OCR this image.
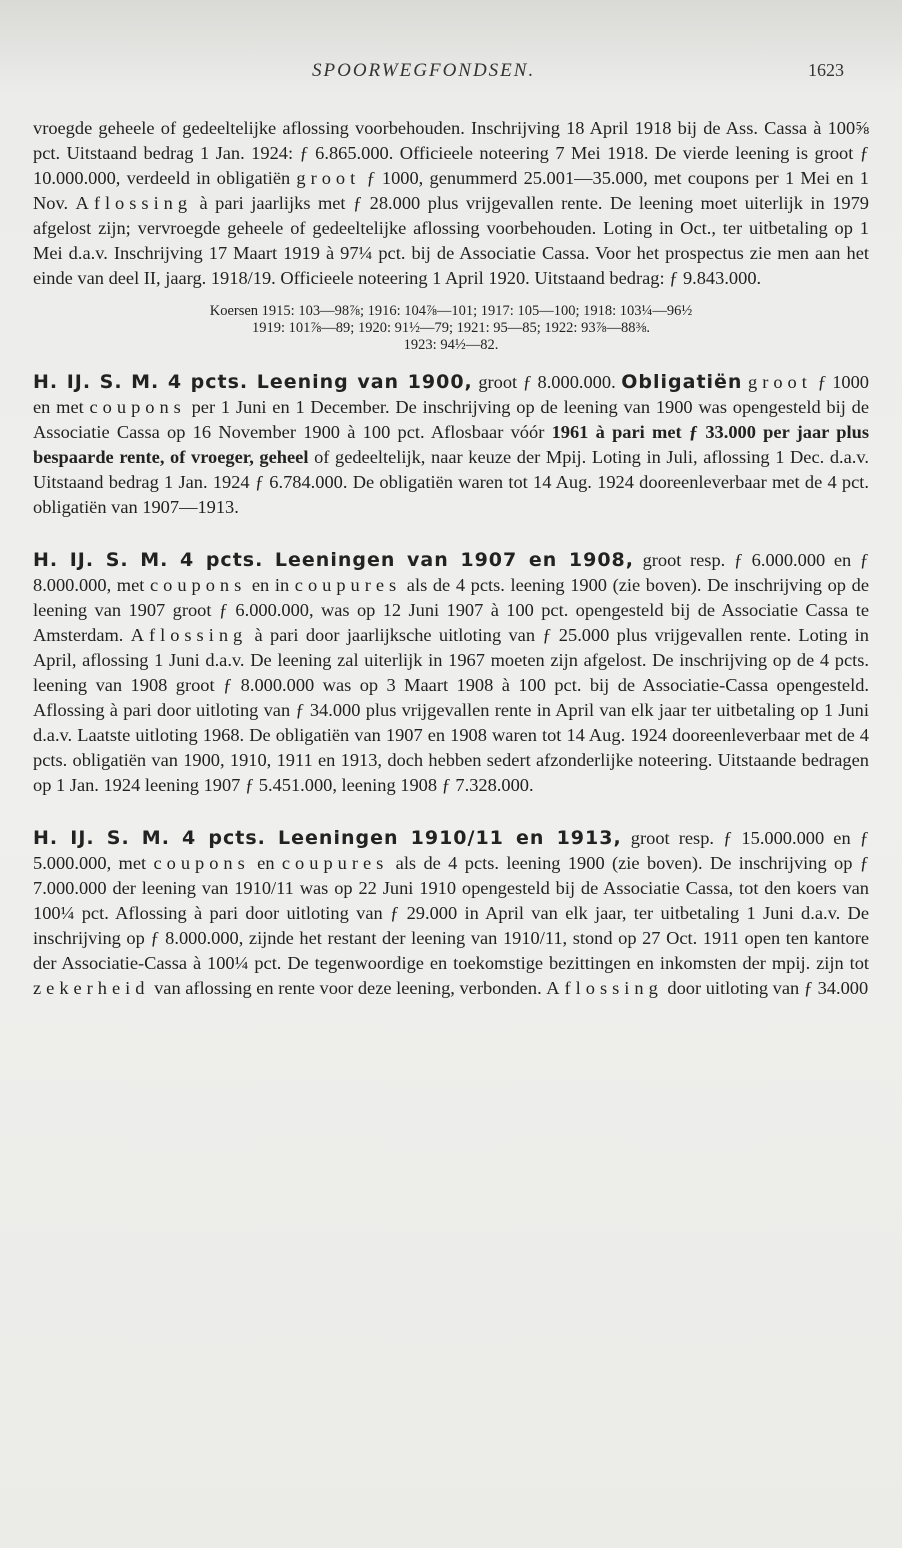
SPOORWEGFONDSEN.	1623

vroegde geheele of gedeeltelijke aflossing voorbehouden. Inschrijving 18 April 1918 bij de Ass. Cassa à 100⅝ pct. Uitstaand bedrag 1 Jan. 1924: ƒ 6.865.000. Officieele noteering 7 Mei 1918. De vierde leening is groot ƒ 10.000.000, verdeeld in obligatiën groot ƒ 1000, genummerd 25.001—35.000, met coupons per 1 Mei en 1 Nov. Aflossing à pari jaarlijks met ƒ 28.000 plus vrijgevallen rente. De leening moet uiterlijk in 1979 afgelost zijn; vervroegde geheele of gedeeltelijke aflossing voorbehouden. Loting in Oct., ter uitbetaling op 1 Mei d.a.v. Inschrijving 17 Maart 1919 à 97¼ pct. bij de Associatie Cassa. Voor het prospectus zie men aan het einde van deel II, jaarg. 1918/19. Officieele noteering 1 April 1920. Uitstaand bedrag: ƒ 9.843.000.

Koersen 1915: 103—98⅞; 1916: 104⅞—101; 1917: 105—100; 1918: 103¼—96½
1919: 101⅞—89; 1920: 91½—79; 1921: 95—85; 1922: 93⅞—88⅜.
1923: 94½—82.

H. IJ. S. M. 4 pcts. Leening van 1900, groot ƒ 8.000.000. Obligatiën groot ƒ 1000 en met coupons per 1 Juni en 1 December. De inschrijving op de leening van 1900 was opengesteld bij de Associatie Cassa op 16 November 1900 à 100 pct. Aflosbaar vóór 1961 à pari met ƒ 33.000 per jaar plus bespaarde rente, of vroeger, geheel of gedeeltelijk, naar keuze der Mpij. Loting in Juli, aflossing 1 Dec. d.a.v. Uitstaand bedrag 1 Jan. 1924 ƒ 6.784.000. De obligatiën waren tot 14 Aug. 1924 dooreenleverbaar met de 4 pct. obligatiën van 1907—1913.

H. IJ. S. M. 4 pcts. Leeningen van 1907 en 1908, groot resp. ƒ 6.000.000 en ƒ 8.000.000, met coupons en in coupures als de 4 pcts. leening 1900 (zie boven). De inschrijving op de leening van 1907 groot ƒ 6.000.000, was op 12 Juni 1907 à 100 pct. opengesteld bij de Associatie Cassa te Amsterdam. Aflossing à pari door jaarlijksche uitloting van ƒ 25.000 plus vrijgevallen rente. Loting in April, aflossing 1 Juni d.a.v. De leening zal uiterlijk in 1967 moeten zijn afgelost. De inschrijving op de 4 pcts. leening van 1908 groot ƒ 8.000.000 was op 3 Maart 1908 à 100 pct. bij de Associatie-Cassa opengesteld. Aflossing à pari door uitloting van ƒ 34.000 plus vrijgevallen rente in April van elk jaar ter uitbetaling op 1 Juni d.a.v. Laatste uitloting 1968. De obligatiën van 1907 en 1908 waren tot 14 Aug. 1924 dooreenleverbaar met de 4 pcts. obligatiën van 1900, 1910, 1911 en 1913, doch hebben sedert afzonderlijke noteering. Uitstaande bedragen op 1 Jan. 1924 leening 1907 ƒ 5.451.000, leening 1908 ƒ 7.328.000.

H. IJ. S. M. 4 pcts. Leeningen 1910/11 en 1913, groot resp. ƒ 15.000.000 en ƒ 5.000.000, met coupons en coupures als de 4 pcts. leening 1900 (zie boven). De inschrijving op ƒ 7.000.000 der leening van 1910/11 was op 22 Juni 1910 opengesteld bij de Associatie Cassa, tot den koers van 100¼ pct. Aflossing à pari door uitloting van ƒ 29.000 in April van elk jaar, ter uitbetaling 1 Juni d.a.v. De inschrijving op ƒ 8.000.000, zijnde het restant der leening van 1910/11, stond op 27 Oct. 1911 open ten kantore der Associatie-Cassa à 100¼ pct. De tegenwoordige en toekomstige bezittingen en inkomsten der mpij. zijn tot zekerheid van aflossing en rente voor deze leening, verbonden. Aflossing door uitloting van ƒ 34.000
